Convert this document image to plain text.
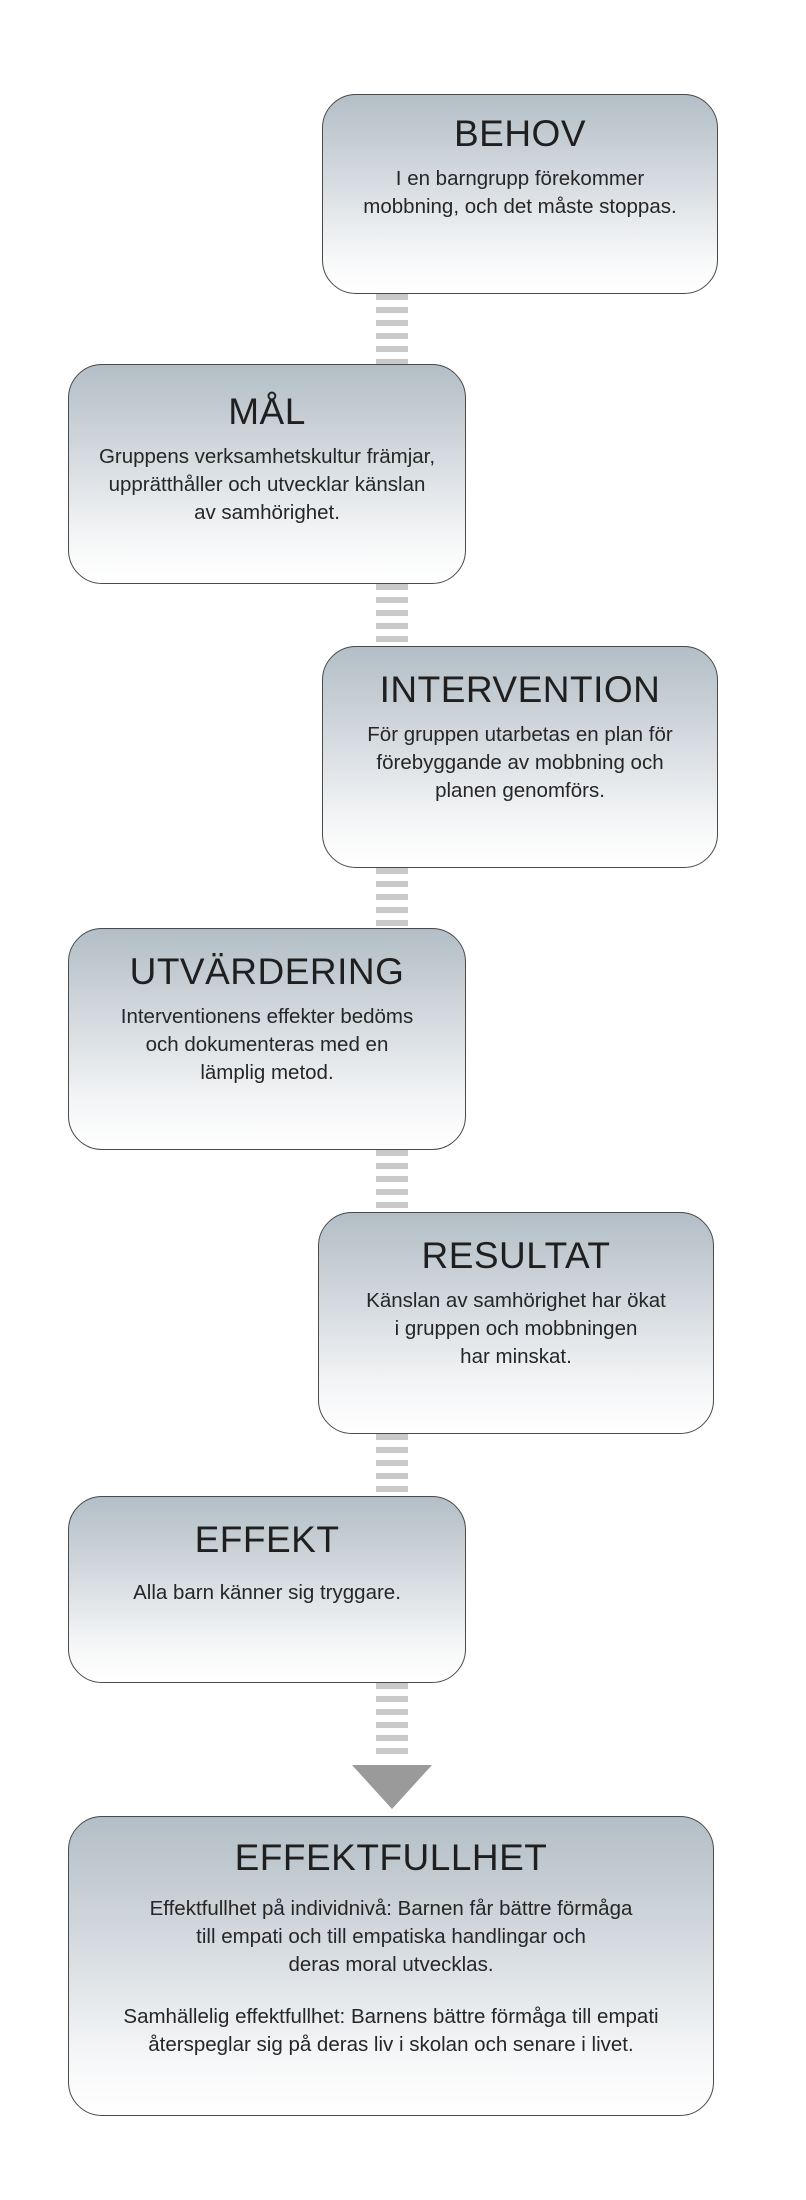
BEHOV
I en barngrupp förekommer
mobbning, och det måste stoppas.
MÅL
Gruppens verksamhetskultur främjar,
upprätthåller och utvecklar känslan
av samhörighet.
INTERVENTION
För gruppen utarbetas en plan för
förebyggande av mobbning och
planen genomförs.
UTVÄRDERING
Interventionens effekter bedöms
och dokumenteras med en
lämplig metod.
RESULTAT
Känslan av samhörighet har ökat
i gruppen och mobbningen
har minskat.
EFFEKT
Alla barn känner sig tryggare.
EFFEKTFULLHET
Effektfullhet på individnivå: Barnen får bättre förmåga
till empati och till empatiska handlingar och
deras moral utvecklas.
Samhällelig effektfullhet: Barnens bättre förmåga till empati
återspeglar sig på deras liv i skolan och senare i livet.
